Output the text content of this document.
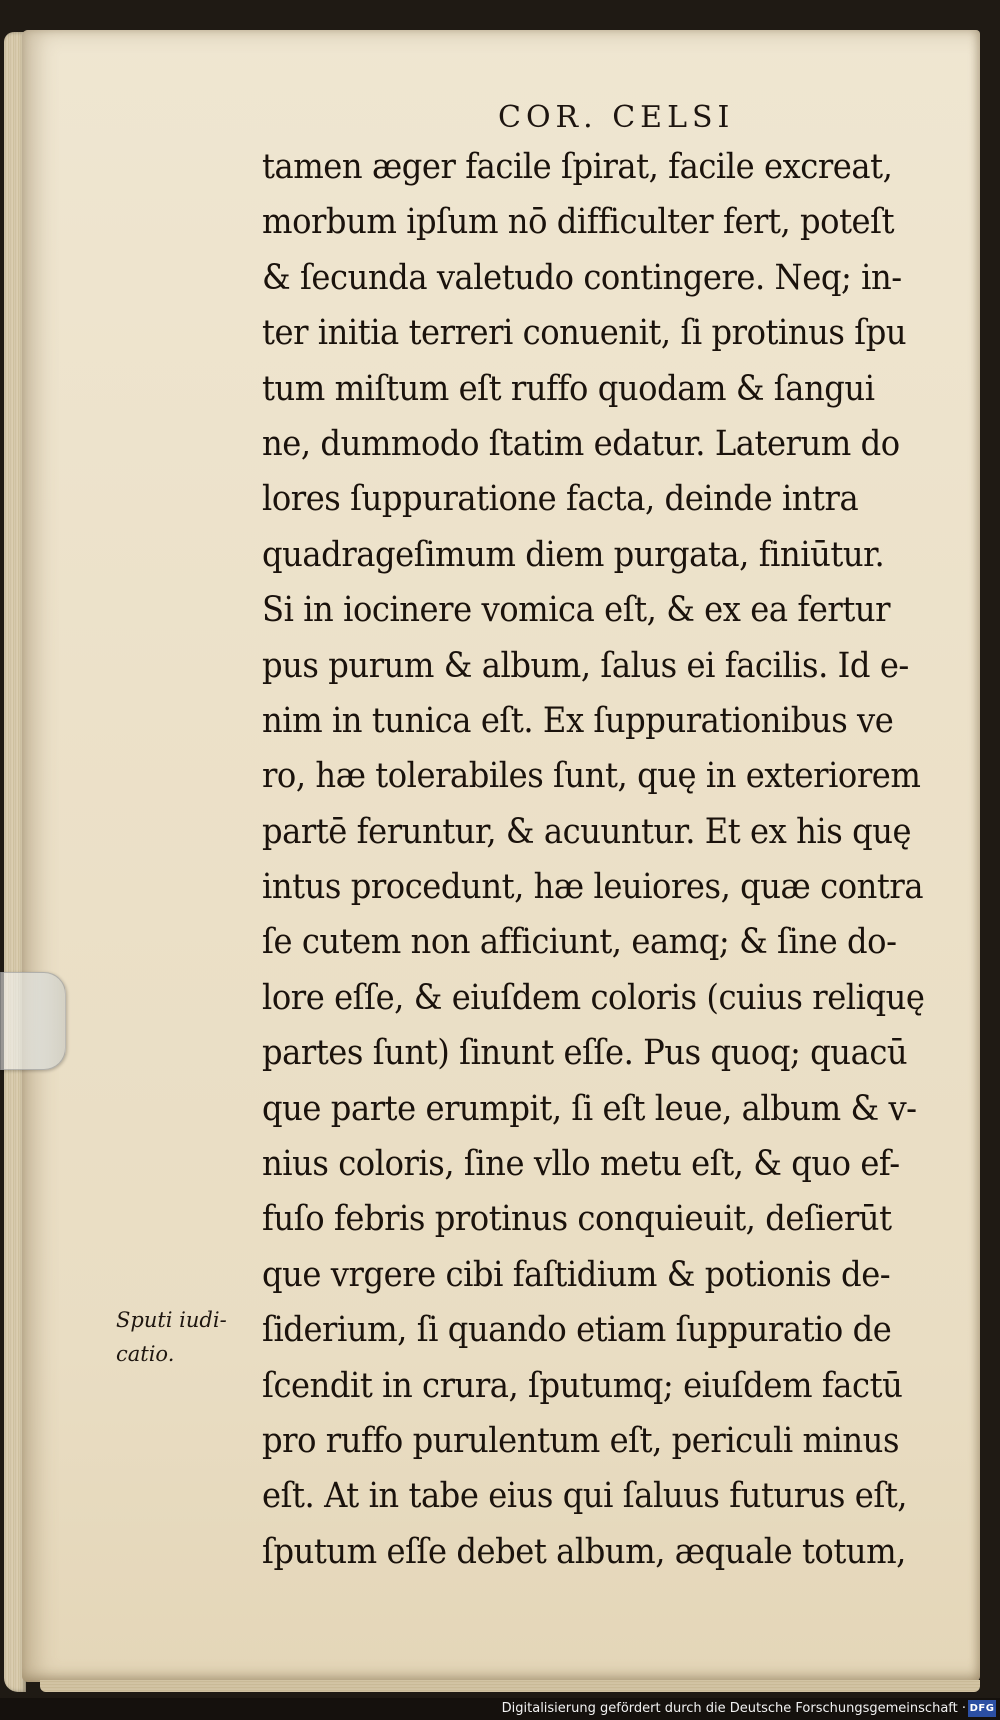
COR. CELSI
tamen æger facile ſpirat, facile excreat,
morbum ipſum nō difficulter fert, poteſt
& ſecunda valetudo contingere. Neq; in-
ter initia terreri conuenit, ſi protinus ſpu
tum miſtum eſt ruffo quodam & ſangui
ne, dummodo ſtatim edatur. Laterum do
lores ſuppuratione facta, deinde intra
quadrageſimum diem purgata, finiūtur.
Si in iocinere vomica eſt, & ex ea fertur
pus purum & album, ſalus ei facilis. Id e-
nim in tunica eſt. Ex ſuppurationibus ve
ro, hæ tolerabiles ſunt, quę in exteriorem
partē feruntur, & acuuntur. Et ex his quę
intus procedunt, hæ leuiores, quæ contra
ſe cutem non afficiunt, eamq; & ſine do-
lore eſſe, & eiuſdem coloris (cuius reliquę
partes ſunt) ſinunt eſſe. Pus quoq; quacū
que parte erumpit, ſi eſt leue, album & v-
nius coloris, ſine vllo metu eſt, & quo ef-
fuſo febris protinus conquieuit, deſierūt
que vrgere cibi faſtidium & potionis de-
ſiderium, ſi quando etiam ſuppuratio de
ſcendit in crura, ſputumq; eiuſdem factū
pro ruffo purulentum eſt, periculi minus
eſt. At in tabe eius qui ſaluus futurus eſt,
ſputum eſſe debet album, æquale totum,
Sputi iudi-
catio.
Digitalisierung gefördert durch die Deutsche Forschungsgemeinschaft · DFG
